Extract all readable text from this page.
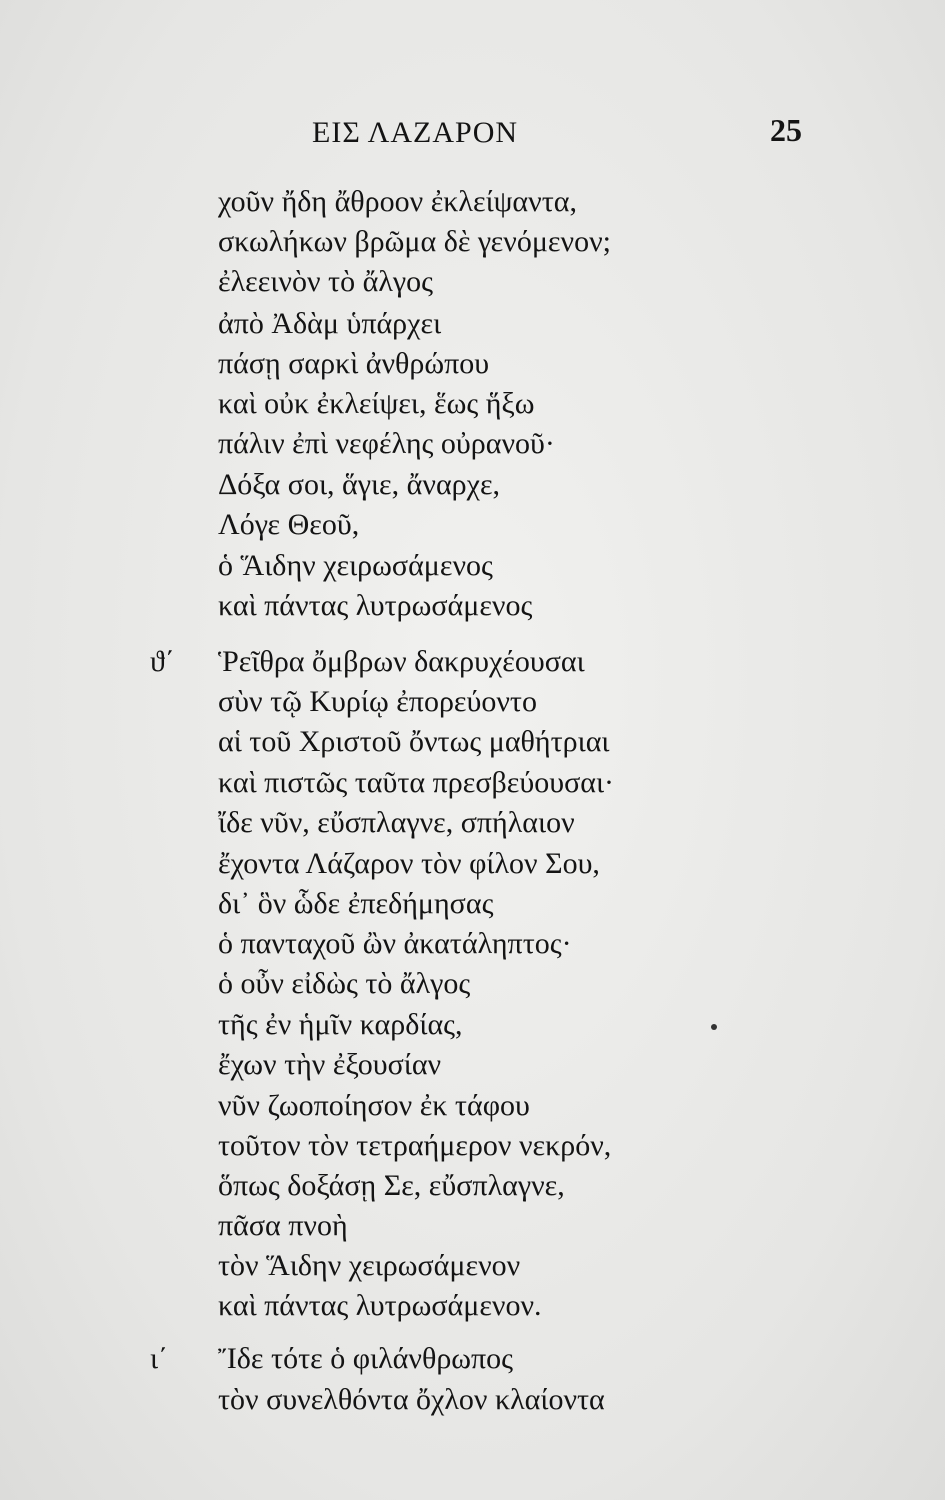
ΕΙΣ ΛΑΖΑΡΟΝ	25
ϑ΄
ι΄
χοῦν ἤδη ἄθροον ἐκλείψαντα,
σκωλήκων βρῶμα δὲ γενόμενον;
ἐλεεινὸν τὸ ἄλγος
ἀπὸ Ἀδὰμ ὑπάρχει
πάσῃ σαρκὶ ἀνθρώπου
καὶ οὐκ ἐκλείψει, ἕως ἥξω
πάλιν ἐπὶ νεφέλης οὐρανοῦ·
Δόξα σοι, ἅγιε, ἄναρχε,
Λόγε Θεοῦ,
ὁ Ἅιδην χειρωσάμενος
καὶ πάντας λυτρωσάμενος
Ῥεῖθρα ὄμβρων δακρυχέουσαι
σὺν τῷ Κυρίῳ ἐπορεύοντο
αἱ τοῦ Χριστοῦ ὄντως μαθήτριαι
καὶ πιστῶς ταῦτα πρεσβεύουσαι·
ἴδε νῦν, εὔσπλαγνε, σπήλαιον
ἔχοντα Λάζαρον τὸν φίλον Σου,
δι᾿ ὃν ὧδε ἐπεδήμησας
ὁ πανταχοῦ ὢν ἀκατάληπτος·
ὁ οὖν εἰδὼς τὸ ἄλγος
τῆς ἐν ἡμῖν καρδίας,
ἔχων τὴν ἐξουσίαν
νῦν ζωοποίησον ἐκ τάφου
τοῦτον τὸν τετραήμερον νεκρόν,
ὅπως δοξάσῃ Σε, εὔσπλαγνε,
πᾶσα πνοὴ
τὸν Ἅιδην χειρωσάμενον
καὶ πάντας λυτρωσάμενον.
Ἴδε τότε ὁ φιλάνθρωπος
τὸν συνελθόντα ὄχλον κλαίοντα
